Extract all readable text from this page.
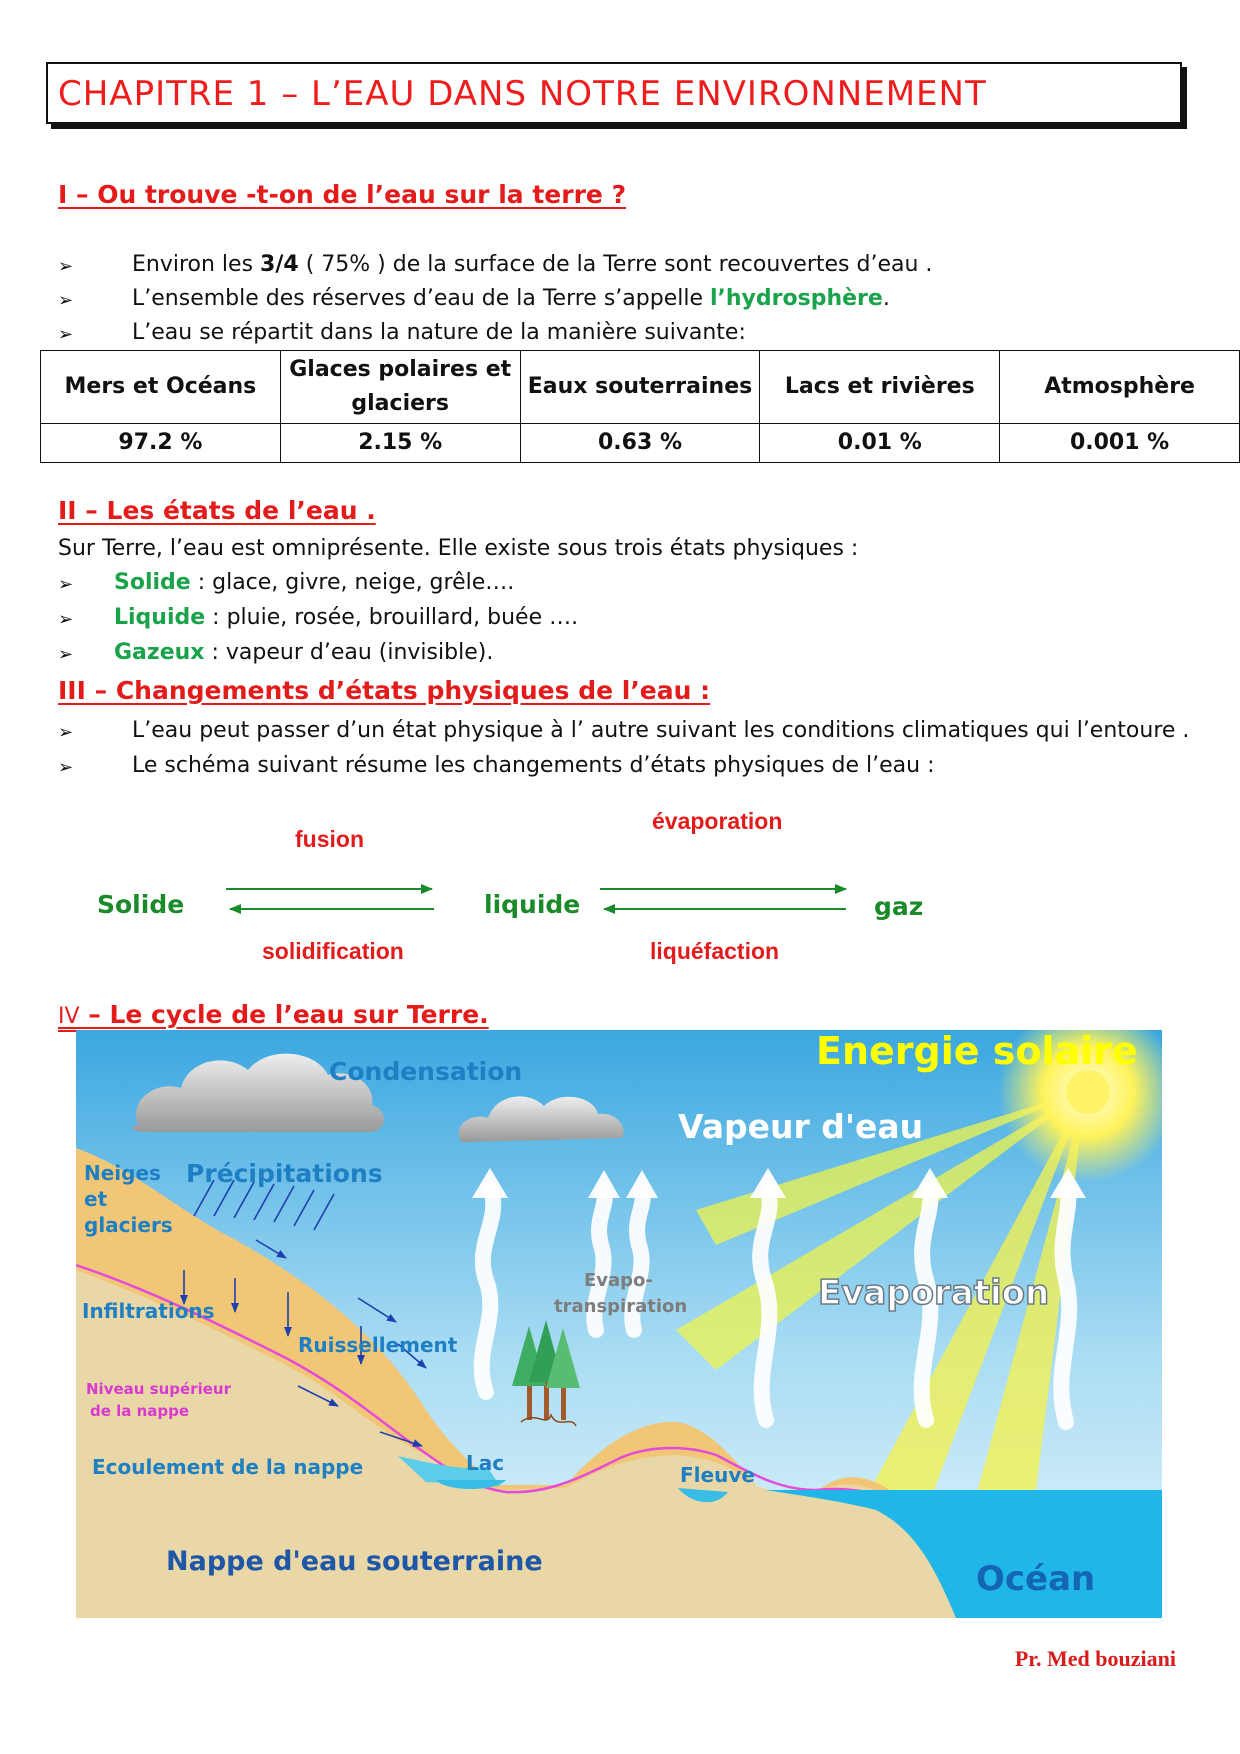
CHAPITRE 1 – L’EAU DANS NOTRE ENVIRONNEMENT
I – Ou trouve -t-on de l’eau sur la terre ?
➢	Environ les 3/4 ( 75% ) de la surface de la Terre sont recouvertes d’eau .
➢	L’ensemble des réserves d’eau de la Terre s’appelle l’hydrosphère.
➢	L’eau se répartit dans la nature de la manière suivante:
Mers et Océans	Glaces polaires et glaciers	Eaux souterraines	Lacs et rivières	Atmosphère
97.2 %	2.15 %	0.63 %	0.01 %	0.001 %
II – Les états de l’eau .
Sur Terre, l’eau est omniprésente. Elle existe sous trois états physiques :
➢ Solide : glace, givre, neige, grêle….
➢ Liquide : pluie, rosée, brouillard, buée ….
➢ Gazeux : vapeur d’eau (invisible).
III – Changements d’états physiques de l’eau :
➢	L’eau peut passer d’un état physique à l’ autre suivant les conditions climatiques qui l’entoure .
➢	Le schéma suivant résume les changements d’états physiques de l’eau :
fusion
évaporation
Solide	liquide	gaz
solidification	liquéfaction
IV – Le cycle de l’eau sur Terre.
Energie solaire
Condensation
Vapeur d'eau
Neiges
et
glaciers
Précipitations
Evapo-
transpiration	Evaporation
Infiltrations
Ruissellement
Niveau supérieur
de la nappe
Ecoulement de la nappe	Lac	Fleuve
Nappe d'eau souterraine	Océan
Pr. Med bouziani
